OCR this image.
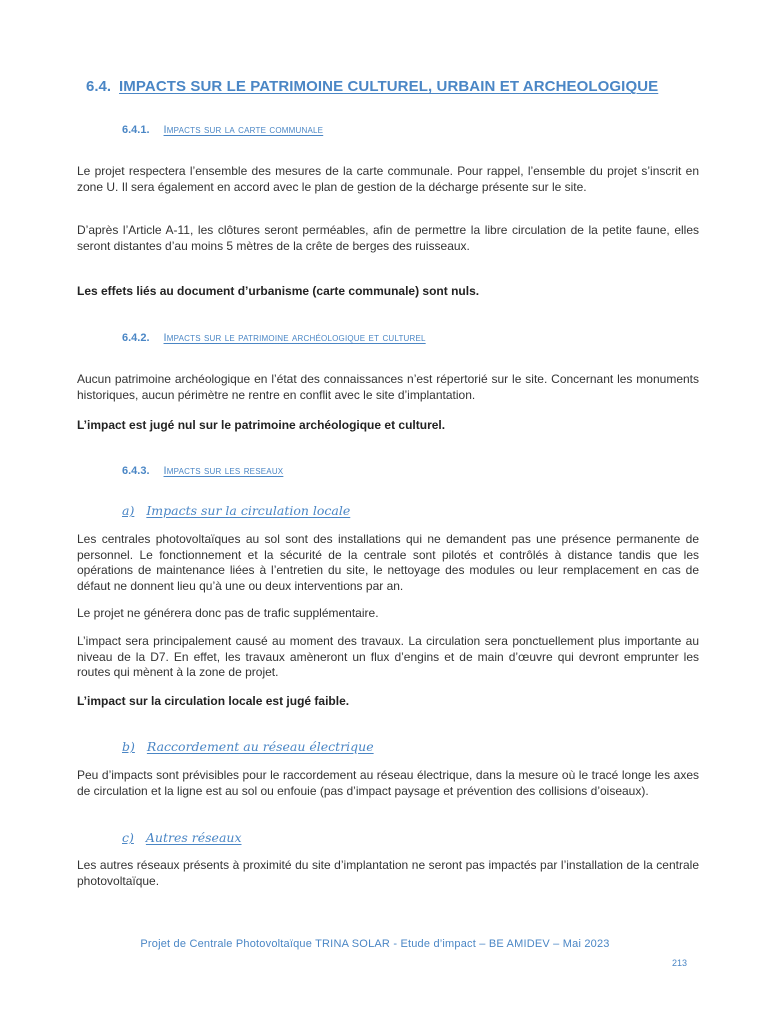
6.4. IMPACTS SUR LE PATRIMOINE CULTUREL, URBAIN ET ARCHEOLOGIQUE
6.4.1. Impacts sur la carte communale

Le projet respectera l’ensemble des mesures de la carte communale. Pour rappel, l’ensemble du projet s’inscrit en zone U. Il sera également en accord avec le plan de gestion de la décharge présente sur le site.

D’après l’Article A-11, les clôtures seront perméables, afin de permettre la libre circulation de la petite faune, elles seront distantes d’au moins 5 mètres de la crête de berges des ruisseaux.

Les effets liés au document d’urbanisme (carte communale) sont nuls.

6.4.2. Impacts sur le patrimoine archéologique et culturel

Aucun patrimoine archéologique en l’état des connaissances n’est répertorié sur le site. Concernant les monuments historiques, aucun périmètre ne rentre en conflit avec le site d’implantation.

L’impact est jugé nul sur le patrimoine archéologique et culturel.

6.4.3. Impacts sur les reseaux
a) Impacts sur la circulation locale

Les centrales photovoltaïques au sol sont des installations qui ne demandent pas une présence permanente de personnel. Le fonctionnement et la sécurité de la centrale sont pilotés et contrôlés à distance tandis que les opérations de maintenance liées à l’entretien du site, le nettoyage des modules ou leur remplacement en cas de défaut ne donnent lieu qu’à une ou deux interventions par an.

Le projet ne générera donc pas de trafic supplémentaire.

L’impact sera principalement causé au moment des travaux. La circulation sera ponctuellement plus importante au niveau de la D7. En effet, les travaux amèneront un flux d’engins et de main d’œuvre qui devront emprunter les routes qui mènent à la zone de projet.

L’impact sur la circulation locale est jugé faible.

b) Raccordement au réseau électrique

Peu d’impacts sont prévisibles pour le raccordement au réseau électrique, dans la mesure où le tracé longe les axes de circulation et la ligne est au sol ou enfouie (pas d’impact paysage et prévention des collisions d’oiseaux).

c) Autres réseaux

Les autres réseaux présents à proximité du site d’implantation ne seront pas impactés par l’installation de la centrale photovoltaïque.

Projet de Centrale Photovoltaïque TRINA SOLAR - Etude d’impact – BE AMIDEV – Mai 2023
213
